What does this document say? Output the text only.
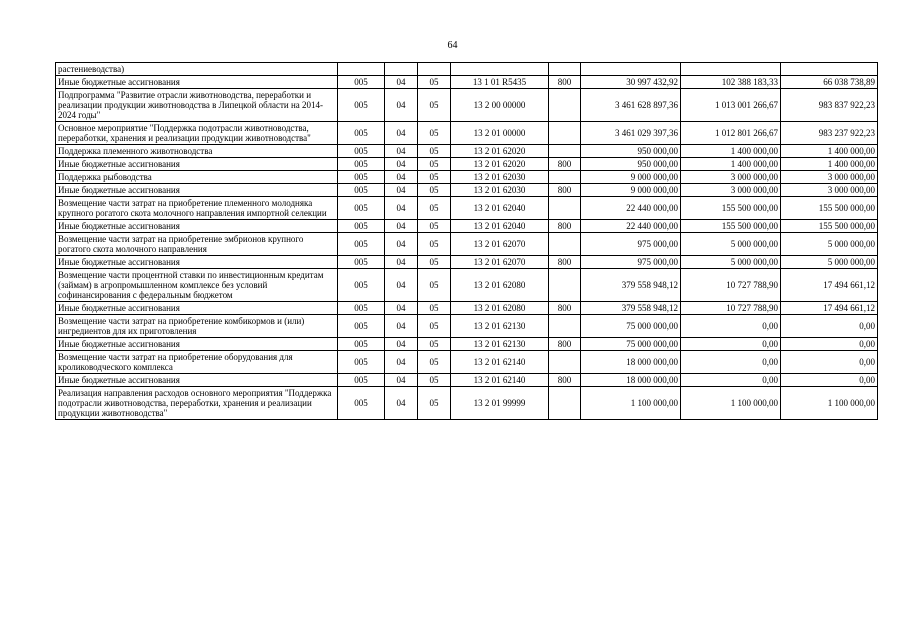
64
растениеводства)								
Иные бюджетные ассигнования	005	04	05	13 1 01 R5435	800	30 997 432,92	102 388 183,33	66 038 738,89
Подпрограмма "Развитие отрасли животноводства, переработки и реализации продукции животноводства в Липецкой области на 2014-2024 годы"	005	04	05	13 2 00 00000		3 461 628 897,36	1 013 001 266,67	983 837 922,23
Основное мероприятие "Поддержка подотрасли животноводства, переработки, хранения и реализации продукции животноводства"	005	04	05	13 2 01 00000		3 461 029 397,36	1 012 801 266,67	983 237 922,23
Поддержка племенного животноводства	005	04	05	13 2 01 62020		950 000,00	1 400 000,00	1 400 000,00
Иные бюджетные ассигнования	005	04	05	13 2 01 62020	800	950 000,00	1 400 000,00	1 400 000,00
Поддержка рыбоводства	005	04	05	13 2 01 62030		9 000 000,00	3 000 000,00	3 000 000,00
Иные бюджетные ассигнования	005	04	05	13 2 01 62030	800	9 000 000,00	3 000 000,00	3 000 000,00
Возмещение части затрат на приобретение племенного молодняка крупного рогатого скота молочного направления импортной селекции	005	04	05	13 2 01 62040		22 440 000,00	155 500 000,00	155 500 000,00
Иные бюджетные ассигнования	005	04	05	13 2 01 62040	800	22 440 000,00	155 500 000,00	155 500 000,00
Возмещение части затрат на приобретение эмбрионов крупного рогатого скота молочного направления	005	04	05	13 2 01 62070		975 000,00	5 000 000,00	5 000 000,00
Иные бюджетные ассигнования	005	04	05	13 2 01 62070	800	975 000,00	5 000 000,00	5 000 000,00
Возмещение части процентной ставки по инвестиционным кредитам (займам) в агропромышленном комплексе без условий софинансирования с федеральным бюджетом	005	04	05	13 2 01 62080		379 558 948,12	10 727 788,90	17 494 661,12
Иные бюджетные ассигнования	005	04	05	13 2 01 62080	800	379 558 948,12	10 727 788,90	17 494 661,12
Возмещение части затрат на приобретение комбикормов и (или) ингредиентов для их приготовления	005	04	05	13 2 01 62130		75 000 000,00	0,00	0,00
Иные бюджетные ассигнования	005	04	05	13 2 01 62130	800	75 000 000,00	0,00	0,00
Возмещение части затрат на приобретение оборудования для кролиководческого комплекса	005	04	05	13 2 01 62140		18 000 000,00	0,00	0,00
Иные бюджетные ассигнования	005	04	05	13 2 01 62140	800	18 000 000,00	0,00	0,00
Реализация направления расходов основного мероприятия "Поддержка подотрасли животноводства, переработки, хранения и реализации продукции животноводства"	005	04	05	13 2 01 99999		1 100 000,00	1 100 000,00	1 100 000,00
